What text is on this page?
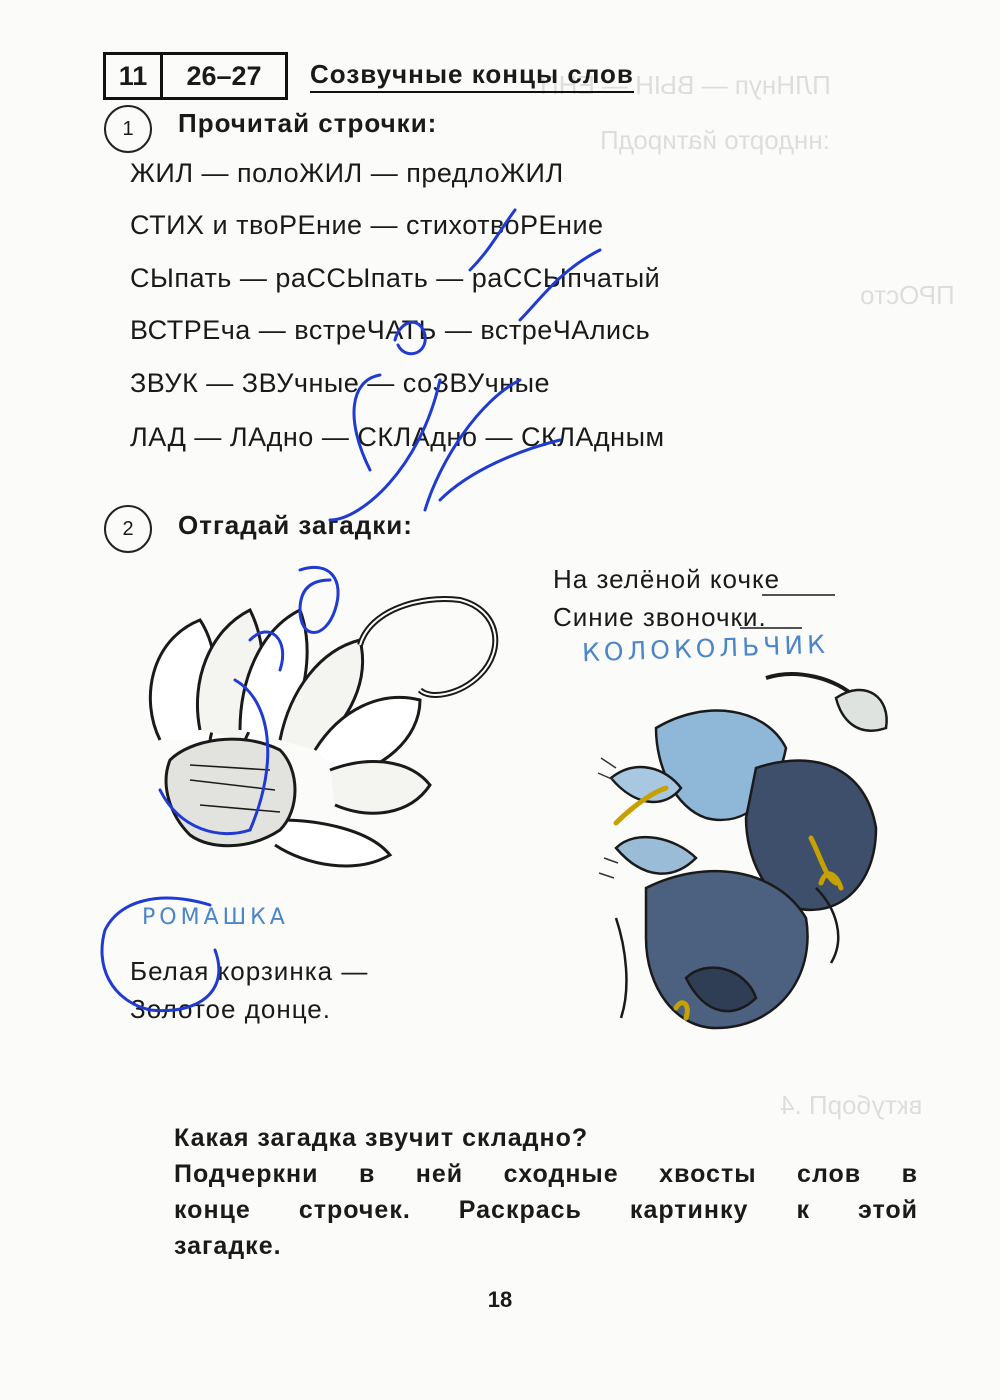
ПЛНнуп — ВЫН — ЕНП
:нндорто йатиродП
ПРОсто
вктуборП .4
11	26–27	Созвучные концы слов
1	Прочитай строчки:
ЖИЛ — полоЖИЛ — предлоЖИЛ
СТИХ и твоРЕние — стихотвоРЕние
СЫпать — раССЫпать — раССЫпчатый
ВСТРЕча — встреЧАТЬ — встреЧАлись
ЗВУК — ЗВУчные — соЗВУчные
ЛАД — ЛАдно — СКЛАдно — СКЛАдным
2	Отгадай загадки:
На зелёной кочке
Синие звоночки.
Белая корзинка —
Золотое донце.
КОЛОКОЛЬЧИК
РОМАШКА
Какая загадка звучит складно?
Подчеркни в ней сходные хвосты слов в
конце строчек. Раскрась картинку к этой
загадке.
18
